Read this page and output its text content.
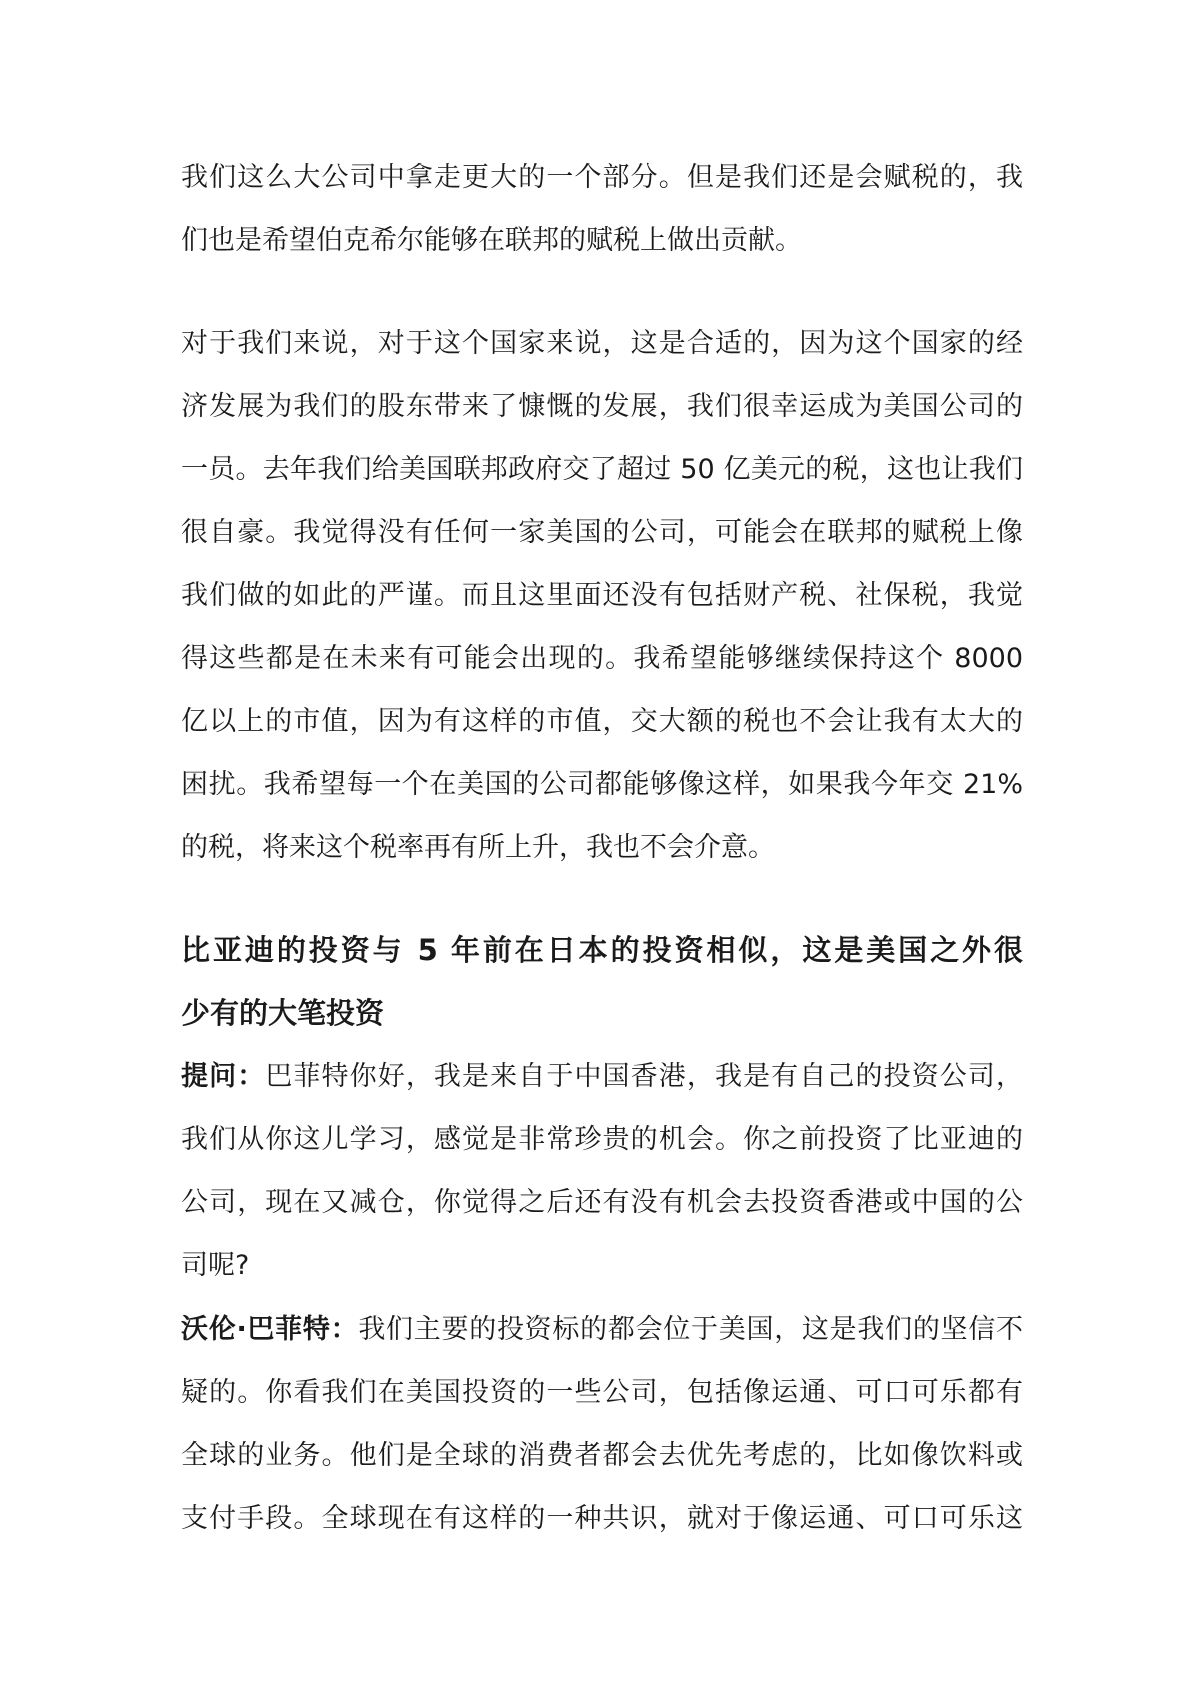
我们这么大公司中拿走更大的一个部分。但是我们还是会赋税的，我
们也是希望伯克希尔能够在联邦的赋税上做出贡献。
对于我们来说，对于这个国家来说，这是合适的，因为这个国家的经
济发展为我们的股东带来了慷慨的发展，我们很幸运成为美国公司的
一员。去年我们给美国联邦政府交了超过 50 亿美元的税，这也让我们
很自豪。我觉得没有任何一家美国的公司，可能会在联邦的赋税上像
我们做的如此的严谨。而且这里面还没有包括财产税、社保税，我觉
得这些都是在未来有可能会出现的。我希望能够继续保持这个 8000
亿以上的市值，因为有这样的市值，交大额的税也不会让我有太大的
困扰。我希望每一个在美国的公司都能够像这样，如果我今年交 21%
的税，将来这个税率再有所上升，我也不会介意。
比亚迪的投资与 5 年前在日本的投资相似，这是美国之外很
少有的大笔投资
提问：巴菲特你好，我是来自于中国香港，我是有自己的投资公司，
我们从你这儿学习，感觉是非常珍贵的机会。你之前投资了比亚迪的
公司，现在又减仓，你觉得之后还有没有机会去投资香港或中国的公
司呢?
沃伦·巴菲特：我们主要的投资标的都会位于美国，这是我们的坚信不
疑的。你看我们在美国投资的一些公司，包括像运通、可口可乐都有
全球的业务。他们是全球的消费者都会去优先考虑的，比如像饮料或
支付手段。全球现在有这样的一种共识，就对于像运通、可口可乐这
